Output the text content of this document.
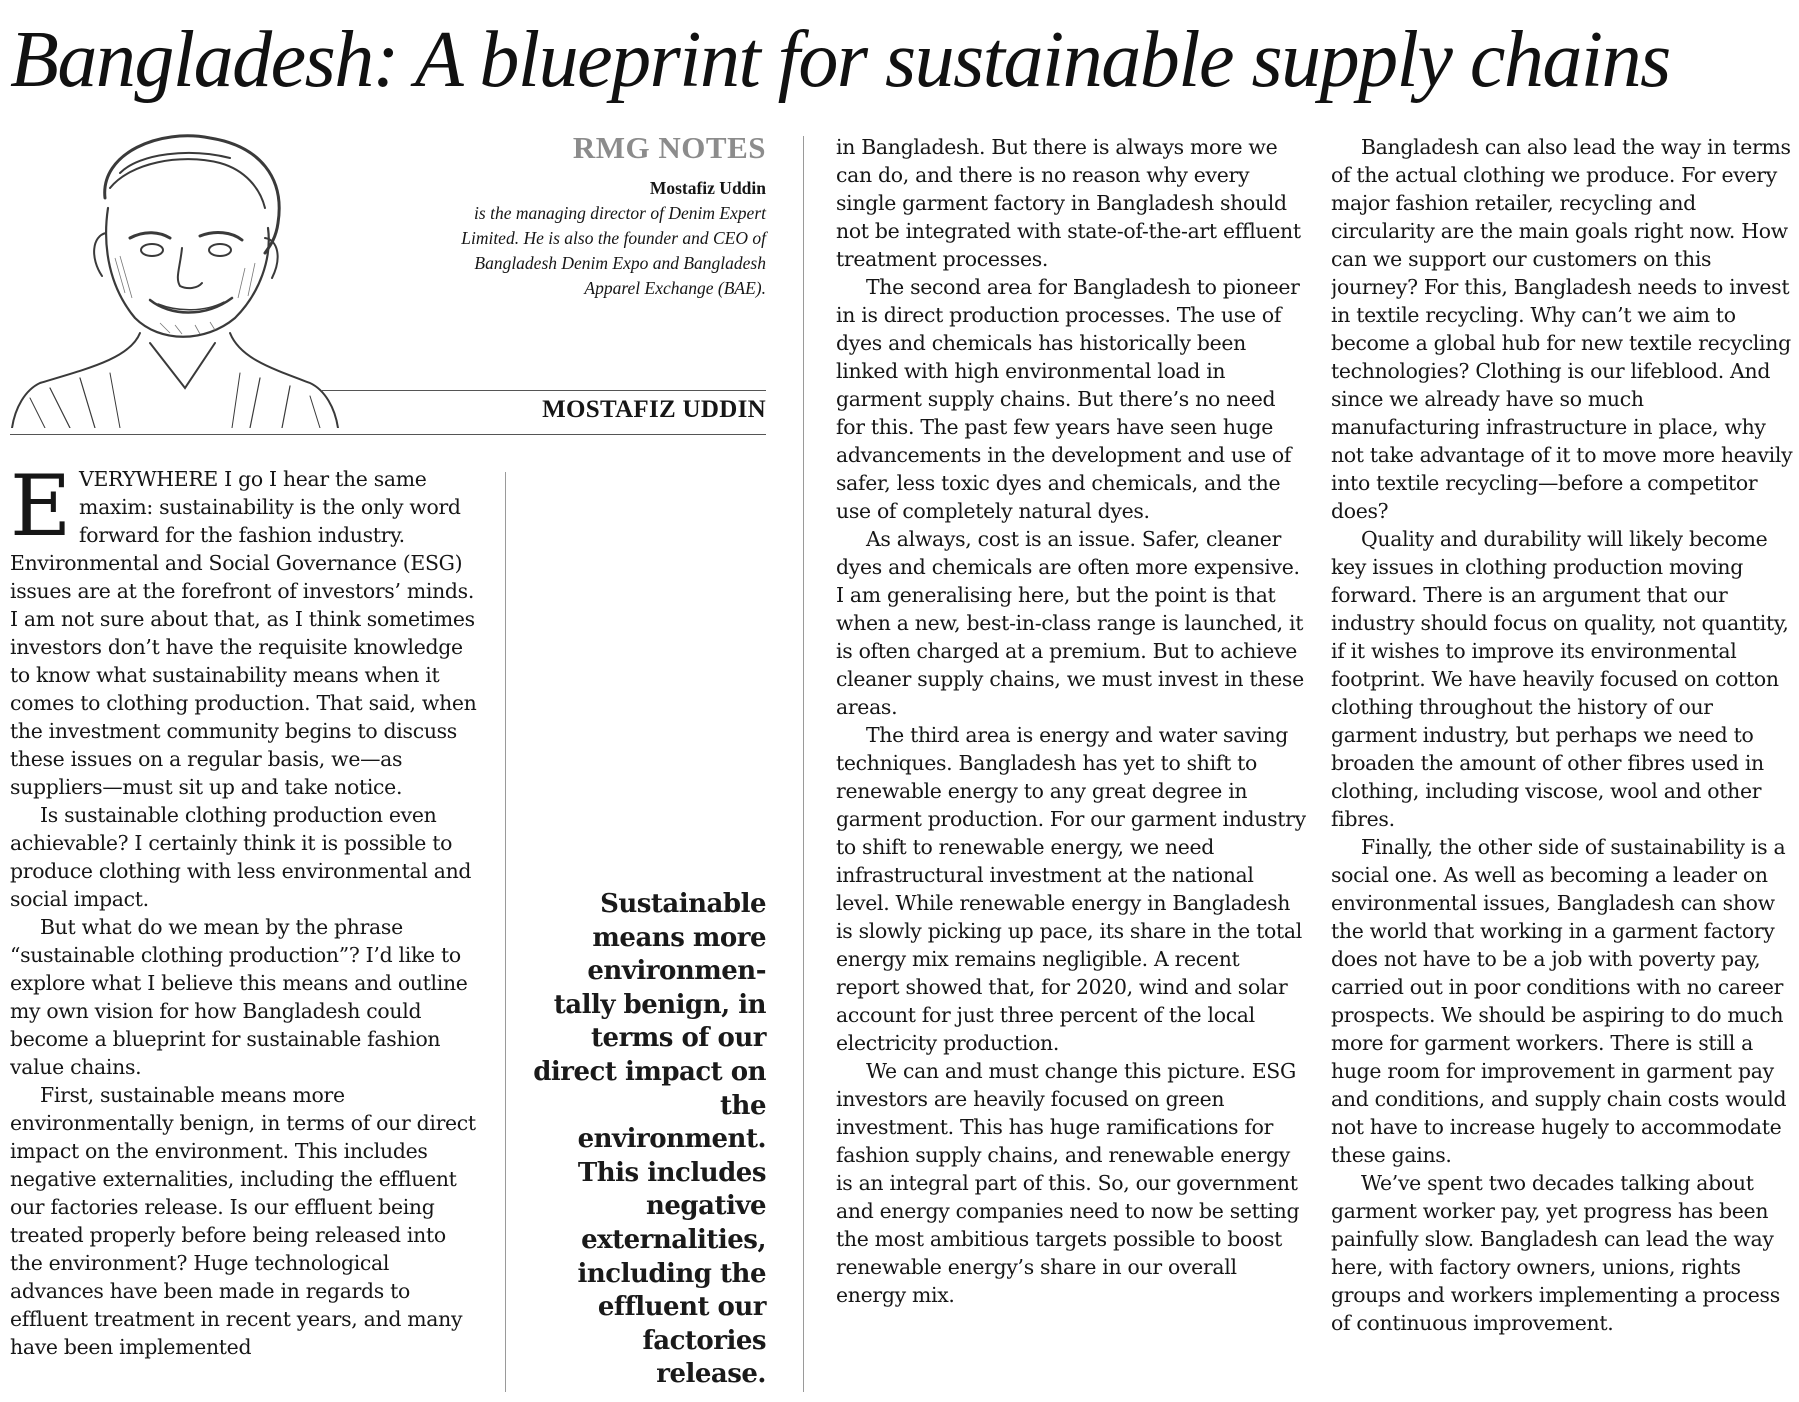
Bangladesh: A blueprint for sustainable supply chains
RMG NOTES
Mostafiz Uddin
is the managing director of Denim Expert Limited. He is also the founder and CEO of Bangladesh Denim Expo and Bangladesh Apparel Exchange (BAE).
MOSTAFIZ UDDIN

E VERYWHERE I go I hear the same maxim: sustainability is the only word forward for the fashion industry. Environmental and Social Governance (ESG) issues are at the forefront of investors’ minds. I am not sure about that, as I think sometimes investors don’t have the requisite knowledge to know what sustainability means when it comes to clothing production. That said, when the investment community begins to discuss these issues on a regular basis, we—as suppliers—must sit up and take notice.

Is sustainable clothing production even achievable? I certainly think it is possible to produce clothing with less environmental and social impact.

But what do we mean by the phrase “sustainable clothing production”? I’d like to explore what I believe this means and outline my own vision for how Bangladesh could become a blueprint for sustainable fashion value chains.

First, sustainable means more environmentally benign, in terms of our direct impact on the environment. This includes negative externalities, including the effluent our factories release. Is our effluent being treated properly before being released into the environment? Huge technological advances have been made in regards to effluent treatment in recent years, and many have been implemented

Sustainable means more environmen-tally benign, in terms of our direct impact on the environment. This includes negative externalities, including the effluent our factories release.

in Bangladesh. But there is always more we can do, and there is no reason why every single garment factory in Bangladesh should not be integrated with state-of-the-art effluent treatment processes.

The second area for Bangladesh to pioneer in is direct production processes. The use of dyes and chemicals has historically been linked with high environmental load in garment supply chains. But there’s no need for this. The past few years have seen huge advancements in the development and use of safer, less toxic dyes and chemicals, and the use of completely natural dyes.

As always, cost is an issue. Safer, cleaner dyes and chemicals are often more expensive. I am generalising here, but the point is that when a new, best-in-class range is launched, it is often charged at a premium. But to achieve cleaner supply chains, we must invest in these areas.

The third area is energy and water saving techniques. Bangladesh has yet to shift to renewable energy to any great degree in garment production. For our garment industry to shift to renewable energy, we need infrastructural investment at the national level. While renewable energy in Bangladesh is slowly picking up pace, its share in the total energy mix remains negligible. A recent report showed that, for 2020, wind and solar account for just three percent of the local electricity production.

We can and must change this picture. ESG investors are heavily focused on green investment. This has huge ramifications for fashion supply chains, and renewable energy is an integral part of this. So, our government and energy companies need to now be setting the most ambitious targets possible to boost renewable energy’s share in our overall energy mix.

Bangladesh can also lead the way in terms of the actual clothing we produce. For every major fashion retailer, recycling and circularity are the main goals right now. How can we support our customers on this journey? For this, Bangladesh needs to invest in textile recycling. Why can’t we aim to become a global hub for new textile recycling technologies? Clothing is our lifeblood. And since we already have so much manufacturing infrastructure in place, why not take advantage of it to move more heavily into textile recycling—before a competitor does?

Quality and durability will likely become key issues in clothing production moving forward. There is an argument that our industry should focus on quality, not quantity, if it wishes to improve its environmental footprint. We have heavily focused on cotton clothing throughout the history of our garment industry, but perhaps we need to broaden the amount of other fibres used in clothing, including viscose, wool and other fibres.

Finally, the other side of sustainability is a social one. As well as becoming a leader on environmental issues, Bangladesh can show the world that working in a garment factory does not have to be a job with poverty pay, carried out in poor conditions with no career prospects. We should be aspiring to do much more for garment workers. There is still a huge room for improvement in garment pay and conditions, and supply chain costs would not have to increase hugely to accommodate these gains.

We’ve spent two decades talking about garment worker pay, yet progress has been painfully slow. Bangladesh can lead the way here, with factory owners, unions, rights groups and workers implementing a process of continuous improvement.
